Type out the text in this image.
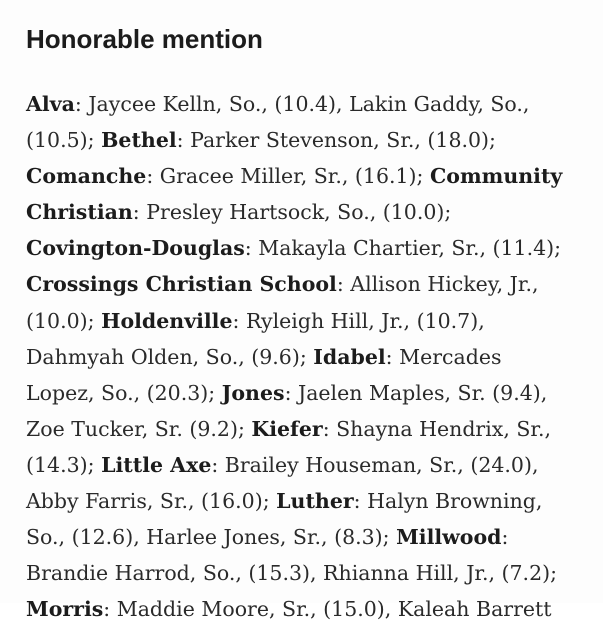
Honorable mention
Alva: Jaycee Kelln, So., (10.4), Lakin Gaddy, So.,
(10.5); Bethel: Parker Stevenson, Sr., (18.0);
Comanche: Gracee Miller, Sr., (16.1); Community
Christian: Presley Hartsock, So., (10.0);
Covington-Douglas: Makayla Chartier, Sr., (11.4);
Crossings Christian School: Allison Hickey, Jr.,
(10.0); Holdenville: Ryleigh Hill, Jr., (10.7),
Dahmyah Olden, So., (9.6); Idabel: Mercades
Lopez, So., (20.3); Jones: Jaelen Maples, Sr. (9.4),
Zoe Tucker, Sr. (9.2); Kiefer: Shayna Hendrix, Sr.,
(14.3); Little Axe: Brailey Houseman, Sr., (24.0),
Abby Farris, Sr., (16.0); Luther: Halyn Browning,
So., (12.6), Harlee Jones, Sr., (8.3); Millwood:
Brandie Harrod, So., (15.3), Rhianna Hill, Jr., (7.2);
Morris: Maddie Moore, Sr., (15.0), Kaleah Barrett
